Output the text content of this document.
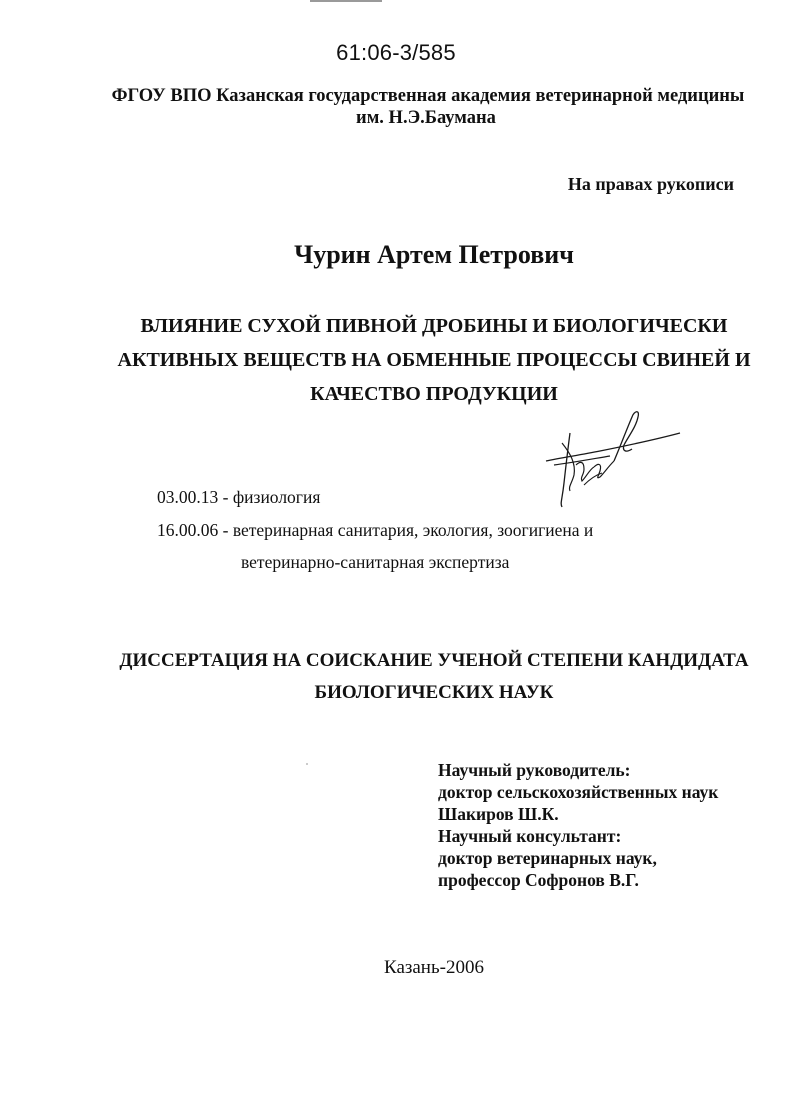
61:06-3/585
ФГОУ ВПО Казанская государственная академия ветеринарной медицины
им. Н.Э.Баумана
На правах рукописи
Чурин Артем Петрович
ВЛИЯНИЕ СУХОЙ ПИВНОЙ ДРОБИНЫ И БИОЛОГИЧЕСКИ
АКТИВНЫХ ВЕЩЕСТВ НА ОБМЕННЫЕ ПРОЦЕССЫ СВИНЕЙ И
КАЧЕСТВО ПРОДУКЦИИ
03.00.13 - физиология
16.00.06 - ветеринарная санитария, экология, зоогигиена и
ветеринарно-санитарная экспертиза
ДИССЕРТАЦИЯ НА СОИСКАНИЕ УЧЕНОЙ СТЕПЕНИ КАНДИДАТА
БИОЛОГИЧЕСКИХ НАУК
Научный руководитель:
доктор сельскохозяйственных наук
Шакиров Ш.К.
Научный консультант:
доктор ветеринарных наук,
профессор Софронов В.Г.
Казань-2006
